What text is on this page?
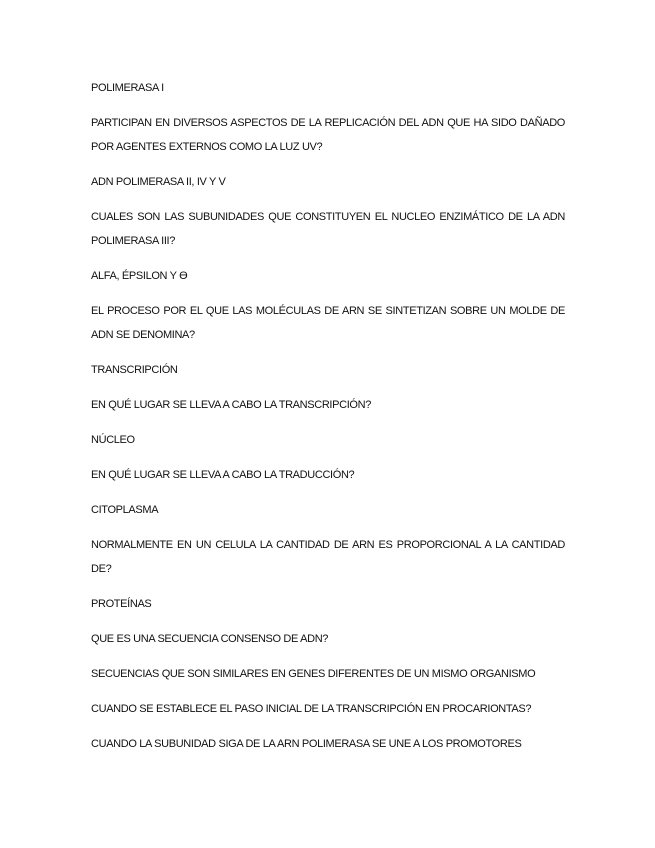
POLIMERASA I

PARTICIPAN EN DIVERSOS ASPECTOS DE LA REPLICACIÓN DEL ADN QUE HA SIDO DAÑADO POR AGENTES EXTERNOS COMO LA LUZ UV?

ADN POLIMERASA II, IV Y V

CUALES SON LAS SUBUNIDADES QUE CONSTITUYEN EL NUCLEO ENZIMÁTICO DE LA ADN POLIMERASA III?

ALFA, ÉPSILON Y ϴ

EL PROCESO POR EL QUE LAS MOLÉCULAS DE ARN SE SINTETIZAN SOBRE UN MOLDE DE ADN SE DENOMINA?

TRANSCRIPCIÓN

EN QUÉ LUGAR SE LLEVA A CABO LA TRANSCRIPCIÓN?

NÚCLEO

EN QUÉ LUGAR SE LLEVA A CABO LA TRADUCCIÓN?

CITOPLASMA

NORMALMENTE EN UN CELULA LA CANTIDAD DE ARN ES PROPORCIONAL A LA CANTIDAD DE?

PROTEÍNAS

QUE ES UNA SECUENCIA CONSENSO DE ADN?

SECUENCIAS QUE SON SIMILARES EN GENES DIFERENTES DE UN MISMO ORGANISMO

CUANDO SE ESTABLECE EL PASO INICIAL DE LA TRANSCRIPCIÓN EN PROCARIONTAS?

CUANDO LA SUBUNIDAD SIGA DE LA ARN POLIMERASA SE UNE A LOS PROMOTORES
